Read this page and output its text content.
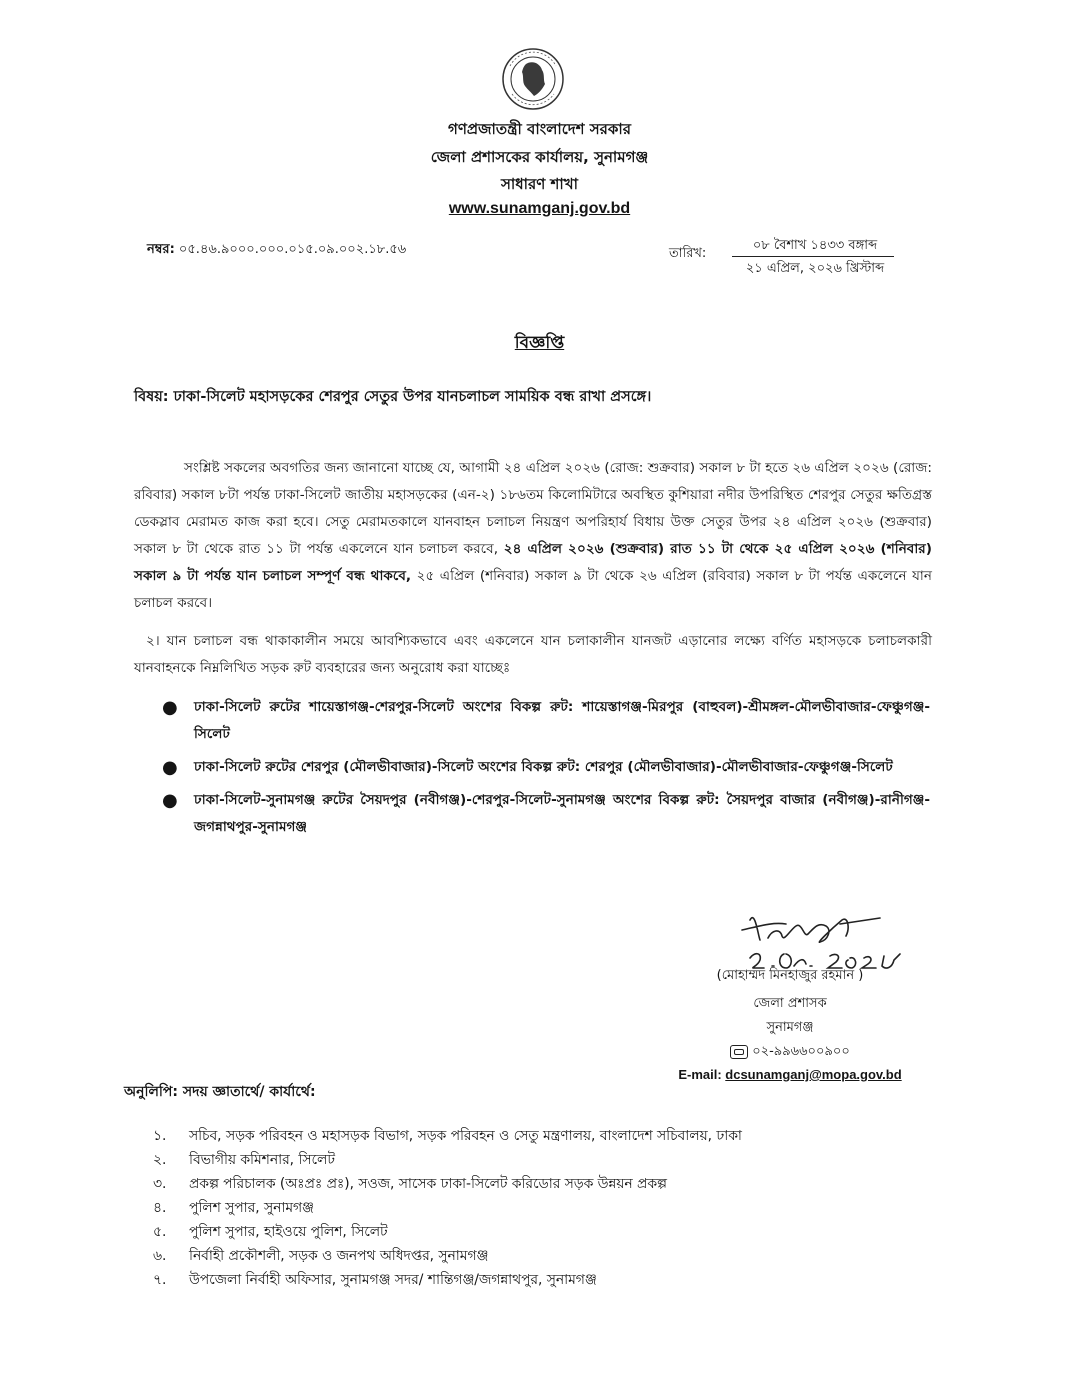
গণপ্রজাতন্ত্রী বাংলাদেশ সরকার
জেলা প্রশাসকের কার্যালয়, সুনামগঞ্জ
সাধারণ শাখা
www.sunamganj.gov.bd
নম্বর: ০৫.৪৬.৯০০০.০০০.০১৫.০৯.০০২.১৮.৫৬	তারিখ:
০৮ বৈশাখ ১৪৩৩ বঙ্গাব্দ
২১ এপ্রিল, ২০২৬ খ্রিস্টাব্দ
বিজ্ঞপ্তি
বিষয়: ঢাকা-সিলেট মহাসড়কের শেরপুর সেতুর উপর যানচলাচল সাময়িক বন্ধ রাখা প্রসঙ্গে।
সংশ্লিষ্ট সকলের অবগতির জন্য জানানো যাচ্ছে যে, আগামী ২৪ এপ্রিল ২০২৬ (রোজ: শুক্রবার) সকাল ৮ টা হতে ২৬ এপ্রিল ২০২৬ (রোজ: রবিবার) সকাল ৮টা পর্যন্ত ঢাকা-সিলেট জাতীয় মহাসড়কের (এন-২) ১৮৬তম কিলোমিটারে অবস্থিত কুশিয়ারা নদীর উপরিস্থিত শেরপুর সেতুর ক্ষতিগ্রস্ত ডেকস্লাব মেরামত কাজ করা হবে। সেতু মেরামতকালে যানবাহন চলাচল নিয়ন্ত্রণ অপরিহার্য বিধায় উক্ত সেতুর উপর ২৪ এপ্রিল ২০২৬ (শুক্রবার) সকাল ৮ টা থেকে রাত ১১ টা পর্যন্ত একলেনে যান চলাচল করবে, ২৪ এপ্রিল ২০২৬ (শুক্রবার) রাত ১১ টা থেকে ২৫ এপ্রিল ২০২৬ (শনিবার) সকাল ৯ টা পর্যন্ত যান চলাচল সম্পূর্ণ বন্ধ থাকবে, ২৫ এপ্রিল (শনিবার) সকাল ৯ টা থেকে ২৬ এপ্রিল (রবিবার) সকাল ৮ টা পর্যন্ত একলেনে যান চলাচল করবে।
২। যান চলাচল বন্ধ থাকাকালীন সময়ে আবশ্যিকভাবে এবং একলেনে যান চলাকালীন যানজট এড়ানোর লক্ষ্যে বর্ণিত মহাসড়কে চলাচলকারী যানবাহনকে নিম্নলিখিত সড়ক রুট ব্যবহারের জন্য অনুরোধ করা যাচ্ছেঃ
● ঢাকা-সিলেট রুটের শায়েস্তাগঞ্জ-শেরপুর-সিলেট অংশের বিকল্প রুট: শায়েস্তাগঞ্জ-মিরপুর (বাহুবল)-শ্রীমঙ্গল-মৌলভীবাজার-ফেঞ্চুগঞ্জ-সিলেট
● ঢাকা-সিলেট রুটের শেরপুর (মৌলভীবাজার)-সিলেট অংশের বিকল্প রুট: শেরপুর (মৌলভীবাজার)-মৌলভীবাজার-ফেঞ্চুগঞ্জ-সিলেট
● ঢাকা-সিলেট-সুনামগঞ্জ রুটের সৈয়দপুর (নবীগঞ্জ)-শেরপুর-সিলেট-সুনামগঞ্জ অংশের বিকল্প রুট: সৈয়দপুর বাজার (নবীগঞ্জ)-রানীগঞ্জ-জগন্নাথপুর-সুনামগঞ্জ
(মোহাম্মদ মিনহাজুর রহমান )
জেলা প্রশাসক
সুনামগঞ্জ
০২-৯৯৬৬০০৯০০
E-mail: dcsunamganj@mopa.gov.bd
অনুলিপি: সদয় জ্ঞাতার্থে/ কার্যার্থে:
১. সচিব, সড়ক পরিবহন ও মহাসড়ক বিভাগ, সড়ক পরিবহন ও সেতু মন্ত্রণালয়, বাংলাদেশ সচিবালয়, ঢাকা
২. বিভাগীয় কমিশনার, সিলেট
৩. প্রকল্প পরিচালক (অঃপ্রঃ প্রঃ), সওজ, সাসেক ঢাকা-সিলেট করিডোর সড়ক উন্নয়ন প্রকল্প
৪. পুলিশ সুপার, সুনামগঞ্জ
৫. পুলিশ সুপার, হাইওয়ে পুলিশ, সিলেট
৬. নির্বাহী প্রকৌশলী, সড়ক ও জনপথ অধিদপ্তর, সুনামগঞ্জ
৭. উপজেলা নির্বাহী অফিসার, সুনামগঞ্জ সদর/ শান্তিগঞ্জ/জগন্নাথপুর, সুনামগঞ্জ
